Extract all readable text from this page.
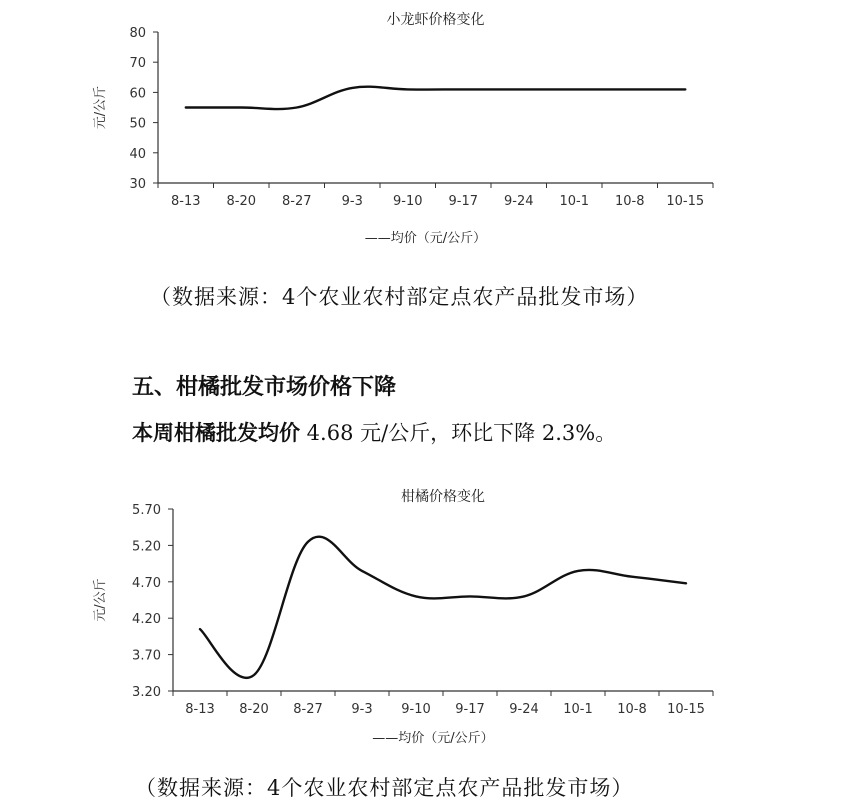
小龙虾价格变化
80
70
60
50
40
30
8-13 8-20 8-27 9-3 9-10 9-17 9-24 10-1 10-8 10-15
元/公斤
——均价（元/公斤）
（数据来源：4个农业农村部定点农产品批发市场）
五、柑橘批发市场价格下降
本周柑橘批发均价 4.68 元/公斤，环比下降 2.3%。
柑橘价格变化
5.70
5.20
4.70
4.20
3.70
3.20
8-13 8-20 8-27 9-3 9-10 9-17 9-24 10-1 10-8 10-15
元/公斤
——均价（元/公斤）
（数据来源：4个农业农村部定点农产品批发市场）
